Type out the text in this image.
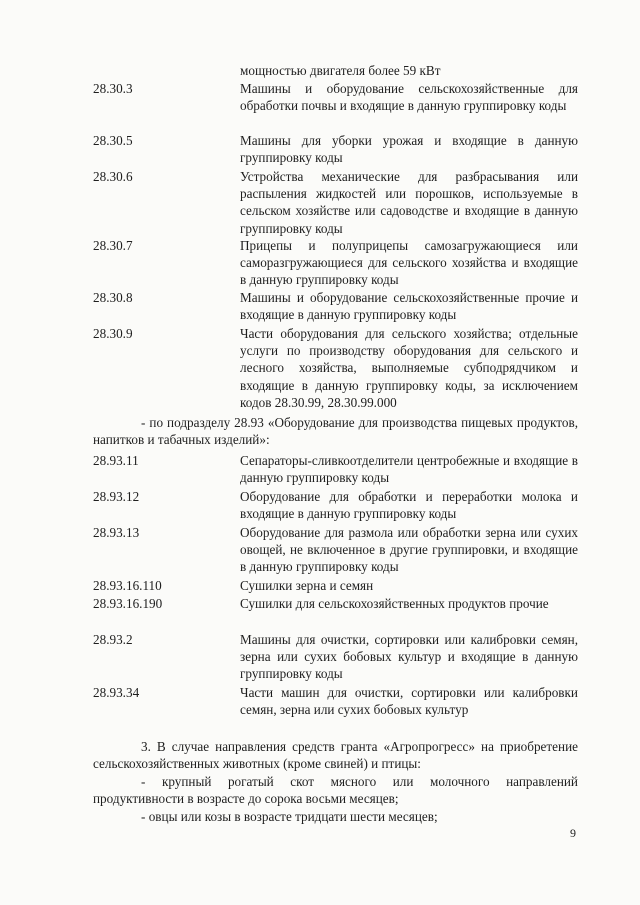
мощностью двигателя более 59 кВт
28.30.3	Машины и оборудование сельскохозяйственные для обработки почвы и входящие в данную группировку коды
28.30.5	Машины для уборки урожая и входящие в данную группировку коды
28.30.6	Устройства механические для разбрасывания или распыления жидкостей или порошков, используемые в сельском хозяйстве или садоводстве и входящие в данную группировку коды
28.30.7	Прицепы и полуприцепы самозагружающиеся или саморазгружающиеся для сельского хозяйства и входящие в данную группировку коды
28.30.8	Машины и оборудование сельскохозяйственные прочие и входящие в данную группировку коды
28.30.9	Части оборудования для сельского хозяйства; отдельные услуги по производству оборудования для сельского и лесного хозяйства, выполняемые субподрядчиком и входящие в данную группировку коды, за исключением кодов 28.30.99, 28.30.99.000
- по подразделу 28.93 «Оборудование для производства пищевых продуктов, напитков и табачных изделий»:
28.93.11	Сепараторы-сливкоотделители центробежные и входящие в данную группировку коды
28.93.12	Оборудование для обработки и переработки молока и входящие в данную группировку коды
28.93.13	Оборудование для размола или обработки зерна или сухих овощей, не включенное в другие группировки, и входящие в данную группировку коды
28.93.16.110	Сушилки зерна и семян
28.93.16.190	Сушилки для сельскохозяйственных продуктов прочие
28.93.2	Машины для очистки, сортировки или калибровки семян, зерна или сухих бобовых культур и входящие в данную группировку коды
28.93.34	Части машин для очистки, сортировки или калибровки семян, зерна или сухих бобовых культур
3. В случае направления средств гранта «Агропрогресс» на приобретение сельскохозяйственных животных (кроме свиней) и птицы:
- крупный рогатый скот мясного или молочного направлений продуктивности в возрасте до сорока восьми месяцев;
- овцы или козы в возрасте тридцати шести месяцев;
9
